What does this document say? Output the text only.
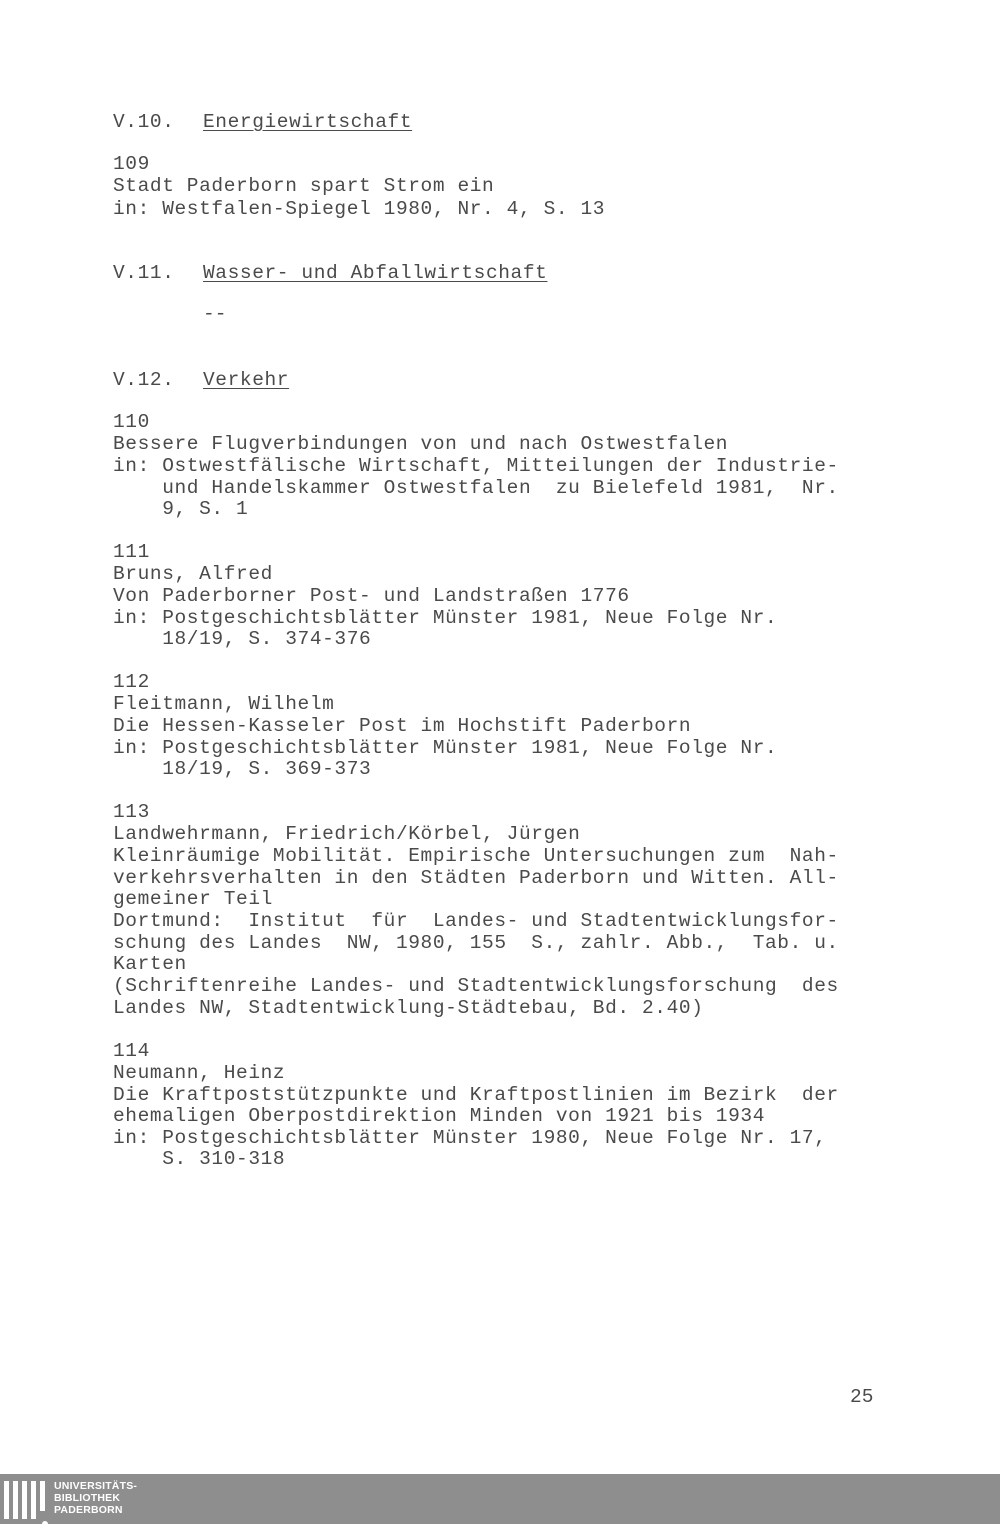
V.10. Energiewirtschaft
109
Stadt Paderborn spart Strom ein
in: Westfalen-Spiegel 1980, Nr. 4, S. 13
V.11. Wasser- und Abfallwirtschaft
--
V.12. Verkehr
110
Bessere Flugverbindungen von und nach Ostwestfalen
in: Ostwestfälische Wirtschaft, Mitteilungen der Industrie-
und Handelskammer Ostwestfalen  zu Bielefeld 1981,  Nr.
9, S. 1
111
Bruns, Alfred
Von Paderborner Post- und Landstraßen 1776
in: Postgeschichtsblätter Münster 1981, Neue Folge Nr.
18/19, S. 374-376
112
Fleitmann, Wilhelm
Die Hessen-Kasseler Post im Hochstift Paderborn
in: Postgeschichtsblätter Münster 1981, Neue Folge Nr.
18/19, S. 369-373
113
Landwehrmann, Friedrich/Körbel, Jürgen
Kleinräumige Mobilität. Empirische Untersuchungen zum  Nah-
verkehrsverhalten in den Städten Paderborn und Witten. All-
gemeiner Teil
Dortmund:  Institut  für  Landes- und Stadtentwicklungsfor-
schung des Landes  NW, 1980, 155  S., zahlr. Abb.,  Tab. u.
Karten
(Schriftenreihe Landes- und Stadtentwicklungsforschung  des
Landes NW, Stadtentwicklung-Städtebau, Bd. 2.40)
114
Neumann, Heinz
Die Kraftpoststützpunkte und Kraftpostlinien im Bezirk  der
ehemaligen Oberpostdirektion Minden von 1921 bis 1934
in: Postgeschichtsblätter Münster 1980, Neue Folge Nr. 17,
S. 310-318
25
UNIVERSITÄTS-
BIBLIOTHEK
PADERBORN
